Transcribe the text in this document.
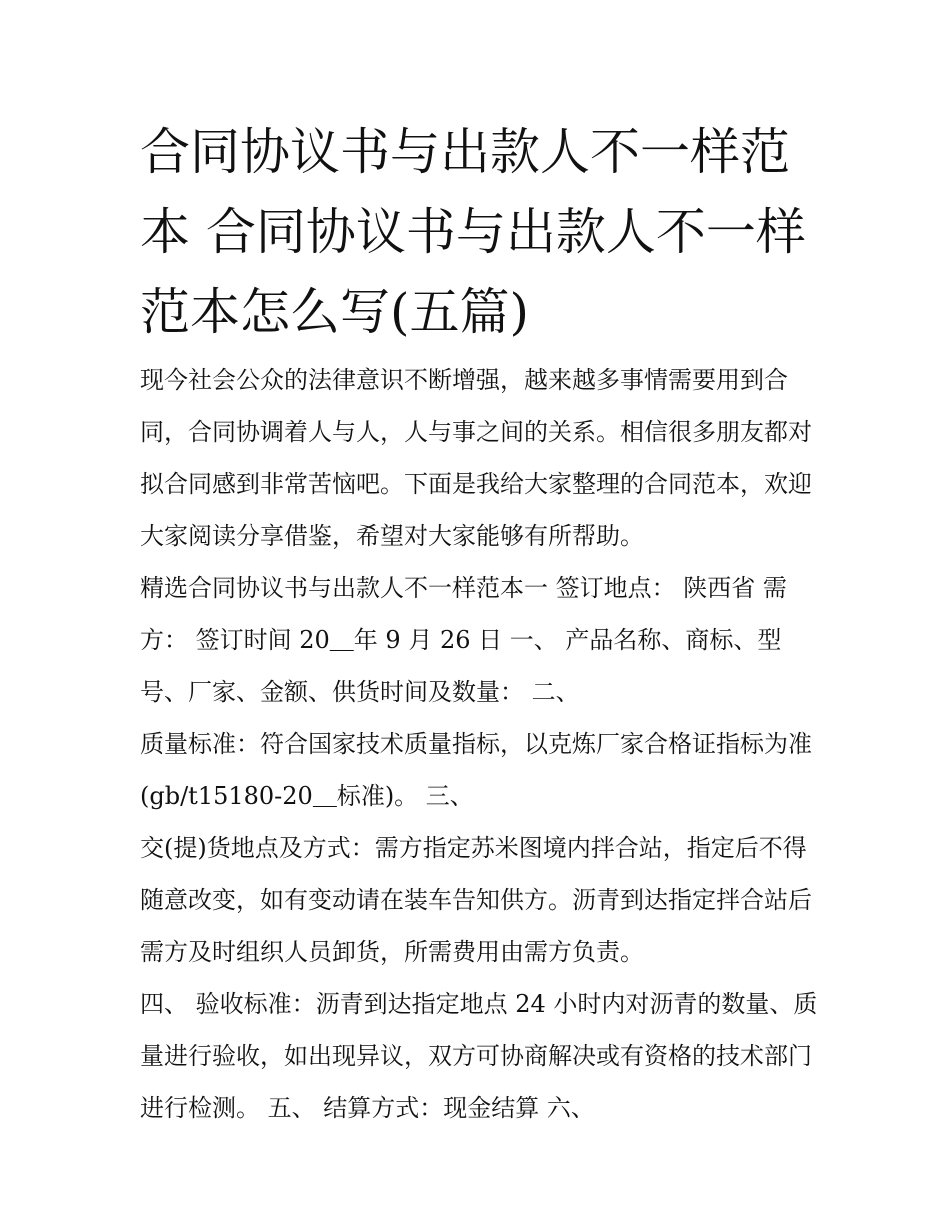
合同协议书与出款人不一样范本 合同协议书与出款人不一样范本怎么写(五篇)

现今社会公众的法律意识不断增强，越来越多事情需要用到合同，合同协调着人与人，人与事之间的关系。相信很多朋友都对拟合同感到非常苦恼吧。下面是我给大家整理的合同范本，欢迎大家阅读分享借鉴，希望对大家能够有所帮助。

精选合同协议书与出款人不一样范本一 签订地点： 陕西省 需方： 签订时间 20＿年 9 月 26 日 一、 产品名称、商标、型号、厂家、金额、供货时间及数量： 二、

质量标准：符合国家技术质量指标，以克炼厂家合格证指标为准(gb/t15180-20＿标准)。 三、

交(提)货地点及方式：需方指定苏米图境内拌合站，指定后不得随意改变，如有变动请在装车告知供方。沥青到达指定拌合站后需方及时组织人员卸货，所需费用由需方负责。

四、 验收标准：沥青到达指定地点 24 小时内对沥青的数量、质量进行验收，如出现异议，双方可协商解决或有资格的技术部门进行检测。 五、 结算方式：现金结算 六、
